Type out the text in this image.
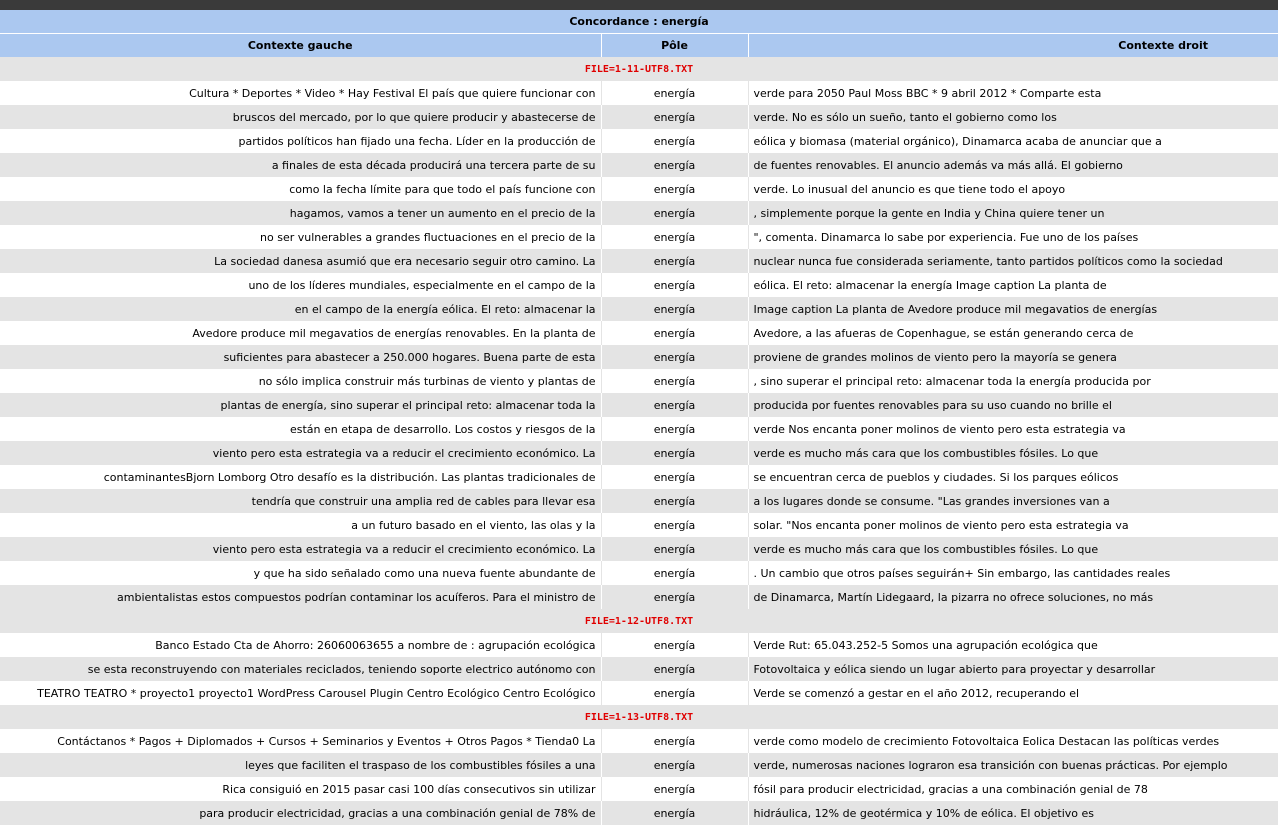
Concordance : energía		
Contexte gauche	Pôle	Contexte droit
FILE=1-11-UTF8.TXT		
Cultura * Deportes * Video * Hay Festival El país que quiere funcionar con	energía	verde para 2050 Paul Moss BBC * 9 abril 2012 * Comparte esta
bruscos del mercado, por lo que quiere producir y abastecerse de	energía	verde. No es sólo un sueño, tanto el gobierno como los
partidos políticos han fijado una fecha. Líder en la producción de	energía	eólica y biomasa (material orgánico), Dinamarca acaba de anunciar que a
a finales de esta década producirá una tercera parte de su	energía	de fuentes renovables. El anuncio además va más allá. El gobierno
como la fecha límite para que todo el país funcione con	energía	verde. Lo inusual del anuncio es que tiene todo el apoyo
hagamos, vamos a tener un aumento en el precio de la	energía	, simplemente porque la gente en India y China quiere tener un
no ser vulnerables a grandes fluctuaciones en el precio de la	energía	", comenta. Dinamarca lo sabe por experiencia. Fue uno de los países
La sociedad danesa asumió que era necesario seguir otro camino. La	energía	nuclear nunca fue considerada seriamente, tanto partidos políticos como la sociedad
uno de los líderes mundiales, especialmente en el campo de la	energía	eólica. El reto: almacenar la energía Image caption La planta de
en el campo de la energía eólica. El reto: almacenar la	energía	Image caption La planta de Avedore produce mil megavatios de energías
Avedore produce mil megavatios de energías renovables. En la planta de	energía	Avedore, a las afueras de Copenhague, se están generando cerca de
suficientes para abastecer a 250.000 hogares. Buena parte de esta	energía	proviene de grandes molinos de viento pero la mayoría se genera
no sólo implica construir más turbinas de viento y plantas de	energía	, sino superar el principal reto: almacenar toda la energía producida por
plantas de energía, sino superar el principal reto: almacenar toda la	energía	producida por fuentes renovables para su uso cuando no brille el
están en etapa de desarrollo. Los costos y riesgos de la	energía	verde Nos encanta poner molinos de viento pero esta estrategia va
viento pero esta estrategia va a reducir el crecimiento económico. La	energía	verde es mucho más cara que los combustibles fósiles. Lo que
contaminantesBjorn Lomborg Otro desafío es la distribución. Las plantas tradicionales de	energía	se encuentran cerca de pueblos y ciudades. Si los parques eólicos
tendría que construir una amplia red de cables para llevar esa	energía	a los lugares donde se consume. "Las grandes inversiones van a
a un futuro basado en el viento, las olas y la	energía	solar. "Nos encanta poner molinos de viento pero esta estrategia va
viento pero esta estrategia va a reducir el crecimiento económico. La	energía	verde es mucho más cara que los combustibles fósiles. Lo que
y que ha sido señalado como una nueva fuente abundante de	energía	. Un cambio que otros países seguirán+ Sin embargo, las cantidades reales
ambientalistas estos compuestos podrían contaminar los acuíferos. Para el ministro de	energía	de Dinamarca, Martín Lidegaard, la pizarra no ofrece soluciones, no más
FILE=1-12-UTF8.TXT		
Banco Estado Cta de Ahorro: 26060063655 a nombre de : agrupación ecológica	energía	Verde Rut: 65.043.252-5 Somos una agrupación ecológica que
se esta reconstruyendo con materiales reciclados, teniendo soporte electrico autónomo con	energía	Fotovoltaica y eólica siendo un lugar abierto para proyectar y desarrollar
TEATRO TEATRO * proyecto1 proyecto1 WordPress Carousel Plugin Centro Ecológico Centro Ecológico	energía	Verde se comenzó a gestar en el año 2012, recuperando el
FILE=1-13-UTF8.TXT		
Contáctanos * Pagos + Diplomados + Cursos + Seminarios y Eventos + Otros Pagos * Tienda0 La	energía	verde como modelo de crecimiento Fotovoltaica Eolica Destacan las políticas verdes
leyes que faciliten el traspaso de los combustibles fósiles a una	energía	verde, numerosas naciones lograron esa transición con buenas prácticas. Por ejemplo
Rica consiguió en 2015 pasar casi 100 días consecutivos sin utilizar	energía	fósil para producir electricidad, gracias a una combinación genial de 78
para producir electricidad, gracias a una combinación genial de 78% de	energía	hidráulica, 12% de geotérmica y 10% de eólica. El objetivo es
